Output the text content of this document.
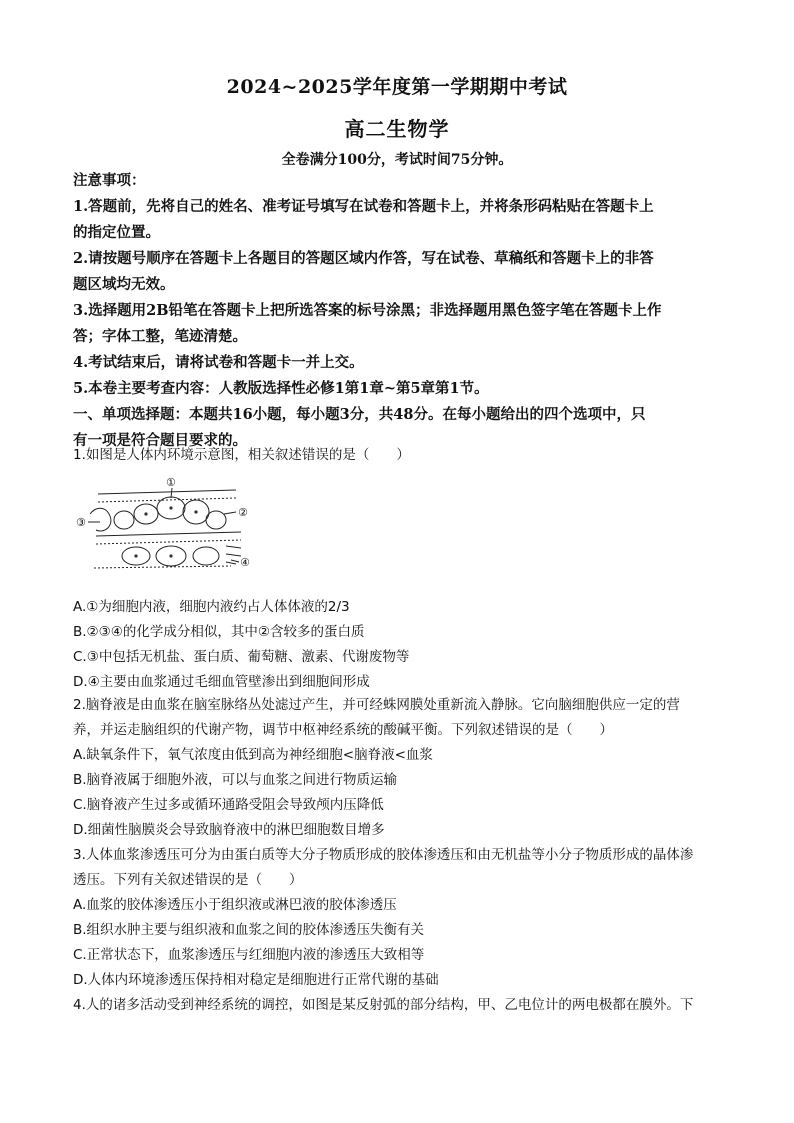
2024~2025学年度第一学期期中考试
高二生物学
全卷满分100分，考试时间75分钟。
注意事项：
1.答题前，先将自己的姓名、准考证号填写在试卷和答题卡上，并将条形码粘贴在答题卡上
的指定位置。
2.请按题号顺序在答题卡上各题目的答题区域内作答，写在试卷、草稿纸和答题卡上的非答
题区域均无效。
3.选择题用2B铅笔在答题卡上把所选答案的标号涂黑；非选择题用黑色签字笔在答题卡上作
答；字体工整，笔迹清楚。
4.考试结束后，请将试卷和答题卡一并上交。
5.本卷主要考查内容：人教版选择性必修1第1章~第5章第1节。
一、单项选择题：本题共16小题，每小题3分，共48分。在每小题给出的四个选项中，只
有一项是符合题目要求的。
1.如图是人体内环境示意图，相关叙述错误的是（　　）
①
②
③
④
A.①为细胞内液，细胞内液约占人体体液的2/3
B.②③④的化学成分相似，其中②含较多的蛋白质
C.③中包括无机盐、蛋白质、葡萄糖、激素、代谢废物等
D.④主要由血浆通过毛细血管壁渗出到细胞间形成
2.脑脊液是由血浆在脑室脉络丛处滤过产生，并可经蛛网膜处重新流入静脉。它向脑细胞供应一定的营
养，并运走脑组织的代谢产物，调节中枢神经系统的酸碱平衡。下列叙述错误的是（　　）
A.缺氧条件下，氧气浓度由低到高为神经细胞<脑脊液<血浆
B.脑脊液属于细胞外液，可以与血浆之间进行物质运输
C.脑脊液产生过多或循环通路受阻会导致颅内压降低
D.细菌性脑膜炎会导致脑脊液中的淋巴细胞数目增多
3.人体血浆渗透压可分为由蛋白质等大分子物质形成的胶体渗透压和由无机盐等小分子物质形成的晶体渗
透压。下列有关叙述错误的是（　　）
A.血浆的胶体渗透压小于组织液或淋巴液的胶体渗透压
B.组织水肿主要与组织液和血浆之间的胶体渗透压失衡有关
C.正常状态下，血浆渗透压与红细胞内液的渗透压大致相等
D.人体内环境渗透压保持相对稳定是细胞进行正常代谢的基础
4.人的诸多活动受到神经系统的调控，如图是某反射弧的部分结构，甲、乙电位计的两电极都在膜外。下
